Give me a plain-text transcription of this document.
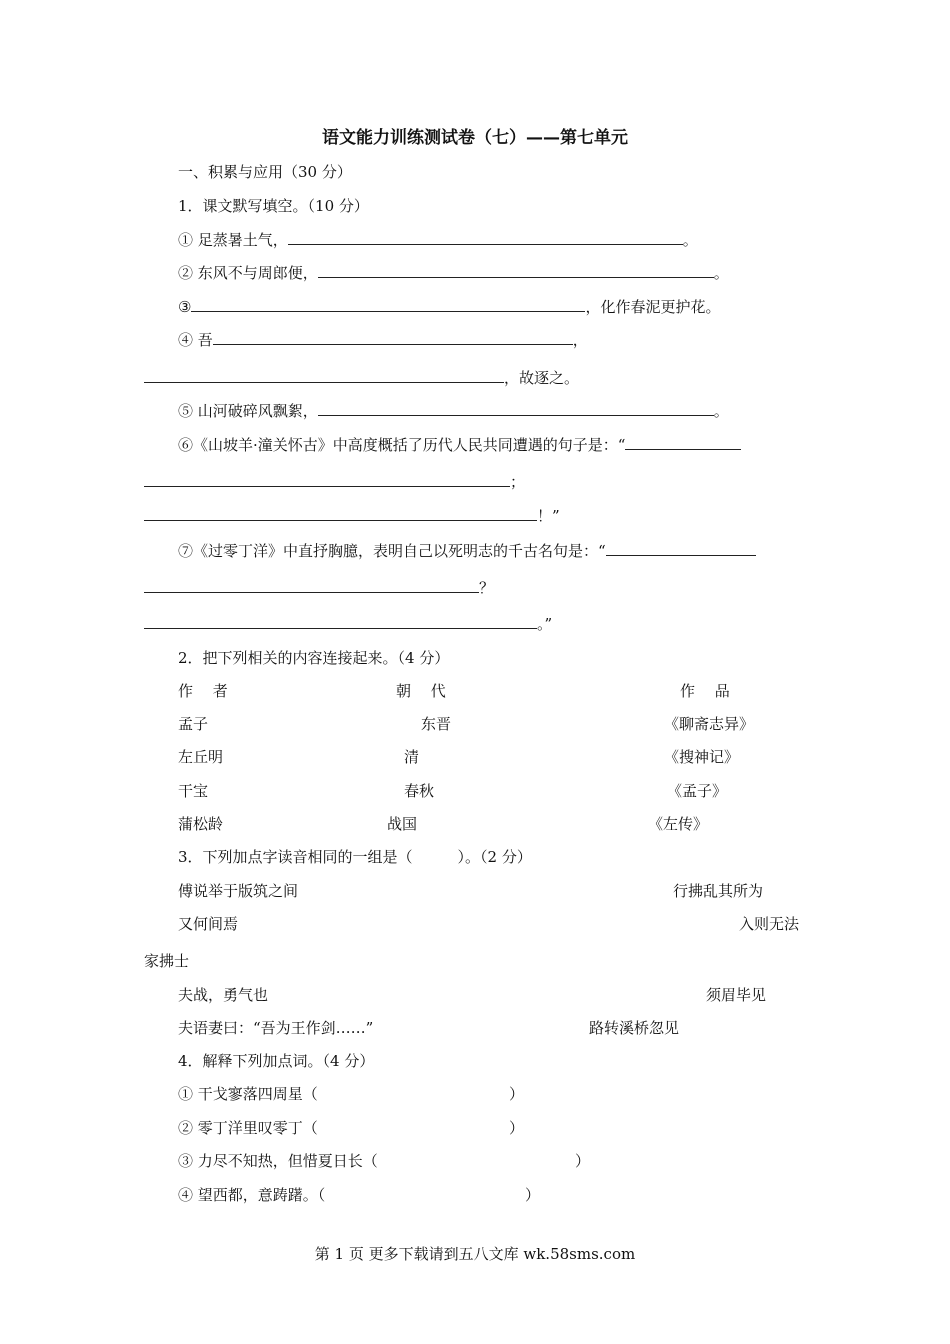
语文能力训练测试卷（七）——第七单元
一、积累与应用（30 分）
1．课文默写填空。（10 分）
① 足蒸暑土气，	。
② 东风不与周郎便，	。
③	，化作春泥更护花。
④ 吾	，
，故逐之。
⑤ 山河破碎风飘絮，	。
⑥《山坡羊·潼关怀古》中高度概括了历代人民共同遭遇的句子是：“
；
！”
⑦《过零丁洋》中直抒胸臆，表明自己以死明志的千古名句是：“
？
。”
2．把下列相关的内容连接起来。（4 分）
作　 者	朝　 代	作　 品
孟子	东晋	《聊斋志异》
左丘明	清	《搜神记》
干宝	春秋	《孟子》
蒲松龄	战国	《左传》
3．下列加点字读音相同的一组是（　　　）。（2 分）
傅说举于版筑之间	行拂乱其所为
又何间焉	入则无法
家拂士
夫战，勇气也	须眉毕见
夫语妻曰：“吾为王作剑……”	路转溪桥忽见
4．解释下列加点词。（4 分）
① 干戈寥落四周星（	）
② 零丁洋里叹零丁（	）
③ 力尽不知热，但惜夏日长（	）
④ 望西都，意踌躇。（	）
第 1 页 更多下载请到五八文库 wk.58sms.com
